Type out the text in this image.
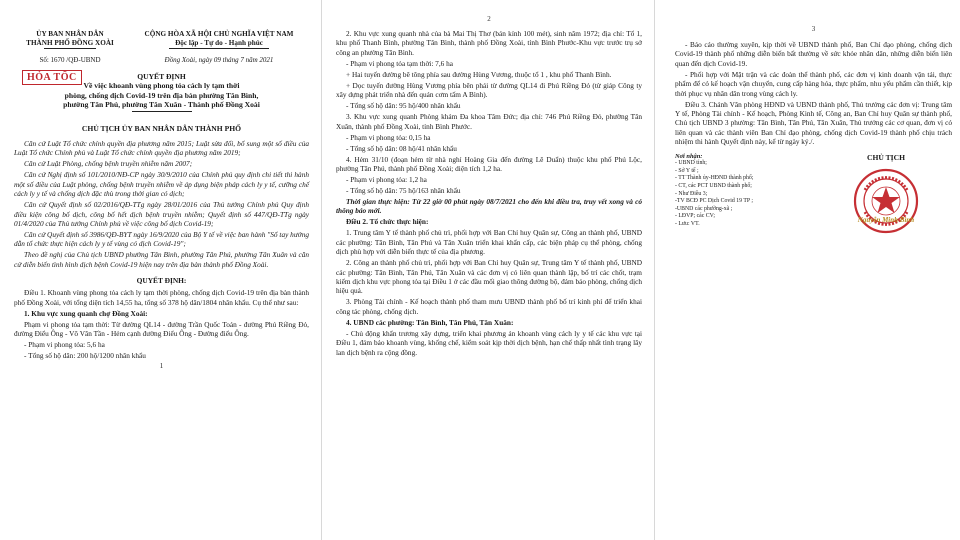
ỦY BAN NHÂN DÂN
THÀNH PHỐ ĐỒNG XOÀI
CỘNG HÒA XÃ HỘI CHỦ NGHĨA VIỆT NAM
Độc lập - Tự do - Hạnh phúc
Số: 1670 /QĐ-UBND	Đồng Xoài, ngày 09 tháng 7 năm 2021
HỎA TỐC	QUYẾT ĐỊNH
Về việc khoanh vùng phong tỏa cách ly tạm thời
phòng, chống dịch Covid-19 trên địa bàn phường Tân Bình,
phường Tân Phú, phường Tân Xuân - Thành phố Đồng Xoài
CHỦ TỊCH ỦY BAN NHÂN DÂN THÀNH PHỐ

Căn cứ Luật Tổ chức chính quyền địa phương năm 2015; Luật sửa đổi, bổ sung một số điều của Luật Tổ chức Chính phủ và Luật Tổ chức chính quyền địa phương năm 2019;

Căn cứ Luật Phòng, chống bệnh truyền nhiễm năm 2007;

Căn cứ Nghị định số 101/2010/NĐ-CP ngày 30/9/2010 của Chính phủ quy định chi tiết thi hành một số điều của Luật phòng, chống bệnh truyền nhiễm về áp dụng biện pháp cách ly y tế, cưỡng chế cách ly y tế và chống dịch đặc thù trong thời gian có dịch;

Căn cứ Quyết định số 02/2016/QĐ-TTg ngày 28/01/2016 của Thủ tướng Chính phủ Quy định điều kiện công bố dịch, công bố hết dịch bệnh truyền nhiễm; Quyết định số 447/QĐ-TTg ngày 01/4/2020 của Thủ tướng Chính phủ về việc công bố dịch Covid-19;

Căn cứ Quyết định số 3986/QĐ-BYT ngày 16/9/2020 của Bộ Y tế về việc ban hành "Sổ tay hướng dẫn tổ chức thực hiện cách ly y tế vùng có dịch Covid-19";

Theo đề nghị của Chủ tịch UBND phường Tân Bình, phường Tân Phú, phường Tân Xuân và căn cứ diễn biến tình hình dịch bệnh Covid-19 hiện nay trên địa bàn thành phố Đồng Xoài.

QUYẾT ĐỊNH:

Điều 1. Khoanh vùng phong tỏa cách ly tạm thời phòng, chống dịch Covid-19 trên địa bàn thành phố Đồng Xoài, với tổng diện tích 14,55 ha, tổng số 378 hộ dân/1804 nhân khẩu. Cụ thể như sau:

1. Khu vực xung quanh chợ Đồng Xoài:

Phạm vi phong tỏa tạm thời: Từ đường QL14 - đường Trần Quốc Toản - đường Phú Riềng Đỏ, đường Điểu Ông - Võ Văn Tần - Hẻm cạnh đường Điểu Ông - Đường điểu Ông.

- Phạm vi phong tỏa: 5,6 ha

- Tổng số hộ dân: 200 hộ/1200 nhân khẩu

1
2

2. Khu vực xung quanh nhà của bà Mai Thị Thơ (bán kính 100 mét), sinh năm 1972; địa chỉ: Tổ 1, khu phố Thanh Bình, phường Tân Bình, thành phố Đồng Xoài, tỉnh Bình Phước-Khu vực trước trụ sở công an phường Tân Bình.

- Phạm vi phong tỏa tạm thời: 7,6 ha

+ Hai tuyến đường bê tông phía sau đường Hùng Vương, thuộc tổ 1 , khu phố Thanh Bình.

+ Dọc tuyến đường Hùng Vương phía bên phải từ đường QL14 đi Phú Riềng Đỏ (từ giáp Công ty xây dựng phát triển nhà đến quán cơm tấm A Bình).

- Tổng số hộ dân: 95 hộ/400 nhân khẩu

3. Khu vực xung quanh Phòng khám Đa khoa Tâm Đức; địa chỉ: 746 Phú Riềng Đỏ, phường Tân Xuân, thành phố Đồng Xoài, tỉnh Bình Phước.

- Phạm vi phong tỏa: 0,15 ha

- Tổng số hộ dân: 08 hộ/41 nhân khẩu

4. Hẻm 31/10 (đoạn hẻm từ nhà nghỉ Hoàng Gia đến đường Lê Duẩn) thuộc khu phố Phú Lộc, phường Tân Phú, thành phố Đồng Xoài; diện tích 1,2 ha.

- Phạm vi phong tỏa: 1,2 ha

- Tổng số hộ dân: 75 hộ/163 nhân khẩu

Thời gian thực hiện: Từ 22 giờ 00 phút ngày 08/7/2021 cho đến khi điều tra, truy vết xong và có thông báo mới.

Điều 2. Tổ chức thực hiện:

1. Trung tâm Y tế thành phố chủ trì, phối hợp với Ban Chỉ huy Quân sự, Công an thành phố, UBND các phường: Tân Bình, Tân Phú và Tân Xuân triển khai khẩn cấp, các biện pháp cụ thể phòng, chống dịch phù hợp với diễn biến thực tế của địa phương.

2. Công an thành phố chủ trì, phối hợp với Ban Chỉ huy Quân sự, Trung tâm Y tế thành phố, UBND các phường: Tân Bình, Tân Phú, Tân Xuân và các đơn vị có liên quan thành lập, bố trí các chốt, trạm kiểm dịch khu vực phong tỏa tại Điều 1 ở các đầu mối giao thông đường bộ, đảm bảo phòng, chống dịch hiệu quả.

3. Phòng Tài chính - Kế hoạch thành phố tham mưu UBND thành phố bố trí kinh phí để triển khai công tác phòng, chống dịch.

4. UBND các phường: Tân Bình, Tân Phú, Tân Xuân:

- Chủ động khẩn trương xây dựng, triển khai phương án khoanh vùng cách ly y tế các khu vực tại Điều 1, đảm bảo khoanh vùng, khống chế, kiểm soát kịp thời dịch bệnh, hạn chế thấp nhất tình trạng lây lan dịch bệnh ra cộng đồng.

3

- Báo cáo thường xuyên, kịp thời về UBND thành phố, Ban Chỉ đạo phòng, chống dịch Covid-19 thành phố những diễn biến bất thường về sức khỏe nhân dân, những diễn biến liên quan đến dịch Covid-19.

- Phối hợp với Mặt trận và các đoàn thể thành phố, các đơn vị kinh doanh vận tải, thực phẩm để có kế hoạch vận chuyển, cung cấp hàng hóa, thực phẩm, nhu yếu phẩm cần thiết, kịp thời phục vụ nhân dân trong vùng cách ly.

Điều 3. Chánh Văn phòng HĐND và UBND thành phố, Thủ trưởng các đơn vị: Trung tâm Y tế, Phòng Tài chính - Kế hoạch, Phòng Kinh tế, Công an, Ban Chỉ huy Quân sự thành phố, Chủ tịch UBND 3 phường: Tân Bình, Tân Phú, Tân Xuân, Thủ trưởng các cơ quan, đơn vị có liên quan và các thành viên Ban Chỉ đạo phòng, chống dịch Covid-19 thành phố chịu trách nhiệm thi hành Quyết định này, kể từ ngày ký./.

Nơi nhận:
- UBND tỉnh;
- Sở Y tế ;
- TT Thành ủy-HĐND thành phố;
- CT, các PCT UBND thành phố;
- Như Điều 3;
-TV BCĐ PC Dịch Covid 19 TP ;
-UBND các phường-xã ;
- LĐVP; các CV;
- Lưu: VT.
CHỦ TỊCH
Nguyễn Minh Bình
